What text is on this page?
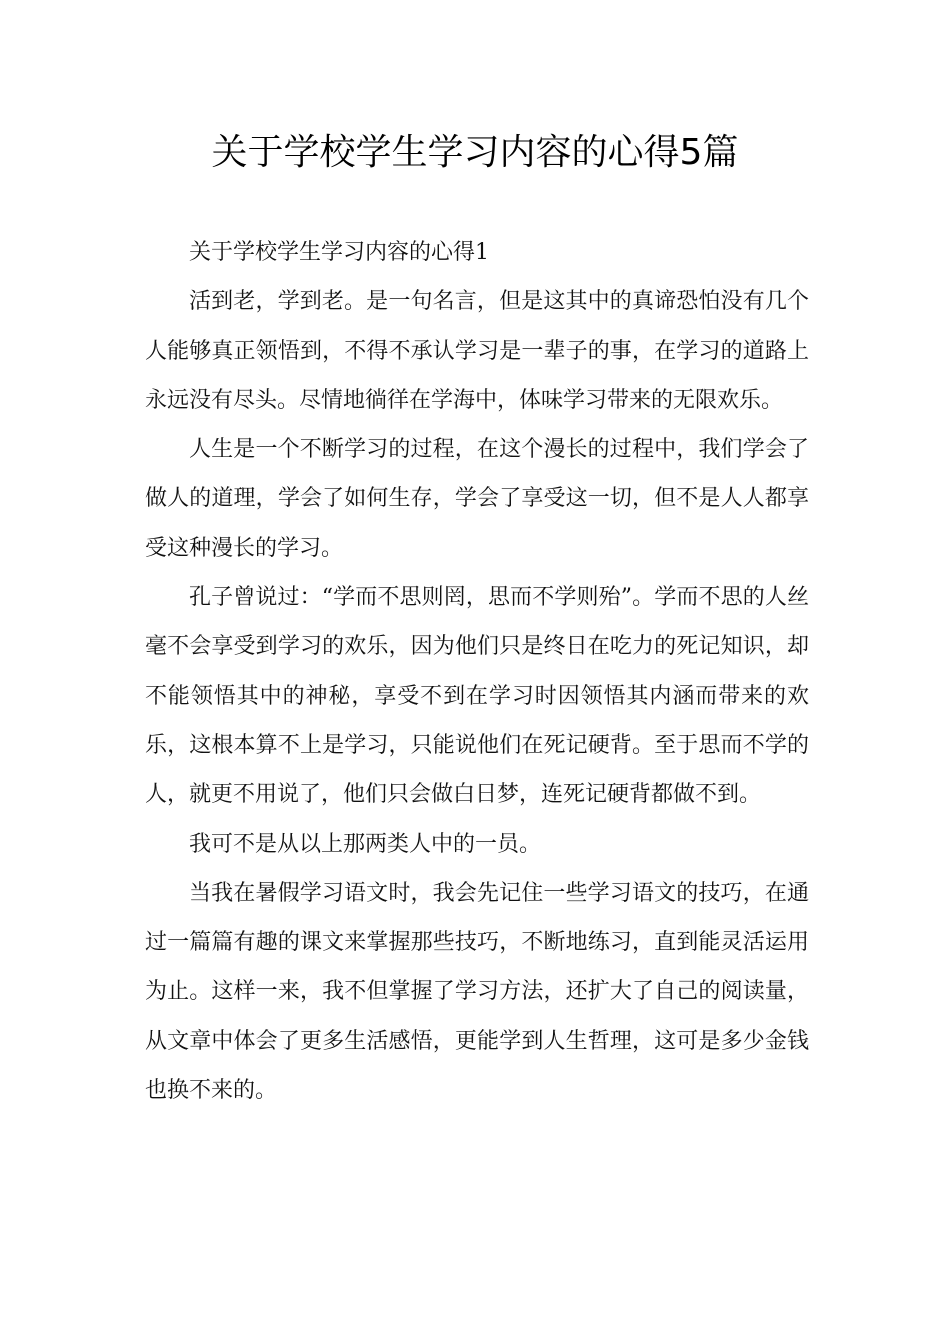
关于学校学生学习内容的心得5篇

关于学校学生学习内容的心得1

活到老，学到老。是一句名言，但是这其中的真谛恐怕没有几个人能够真正领悟到，不得不承认学习是一辈子的事，在学习的道路上永远没有尽头。尽情地徜徉在学海中，体味学习带来的无限欢乐。

人生是一个不断学习的过程，在这个漫长的过程中，我们学会了做人的道理，学会了如何生存，学会了享受这一切，但不是人人都享受这种漫长的学习。

孔子曾说过：“学而不思则罔，思而不学则殆”。学而不思的人丝毫不会享受到学习的欢乐，因为他们只是终日在吃力的死记知识，却不能领悟其中的神秘，享受不到在学习时因领悟其内涵而带来的欢乐，这根本算不上是学习，只能说他们在死记硬背。至于思而不学的人，就更不用说了，他们只会做白日梦，连死记硬背都做不到。

我可不是从以上那两类人中的一员。

当我在暑假学习语文时，我会先记住一些学习语文的技巧，在通过一篇篇有趣的课文来掌握那些技巧，不断地练习，直到能灵活运用为止。这样一来，我不但掌握了学习方法，还扩大了自己的阅读量，从文章中体会了更多生活感悟，更能学到人生哲理，这可是多少金钱也换不来的。
